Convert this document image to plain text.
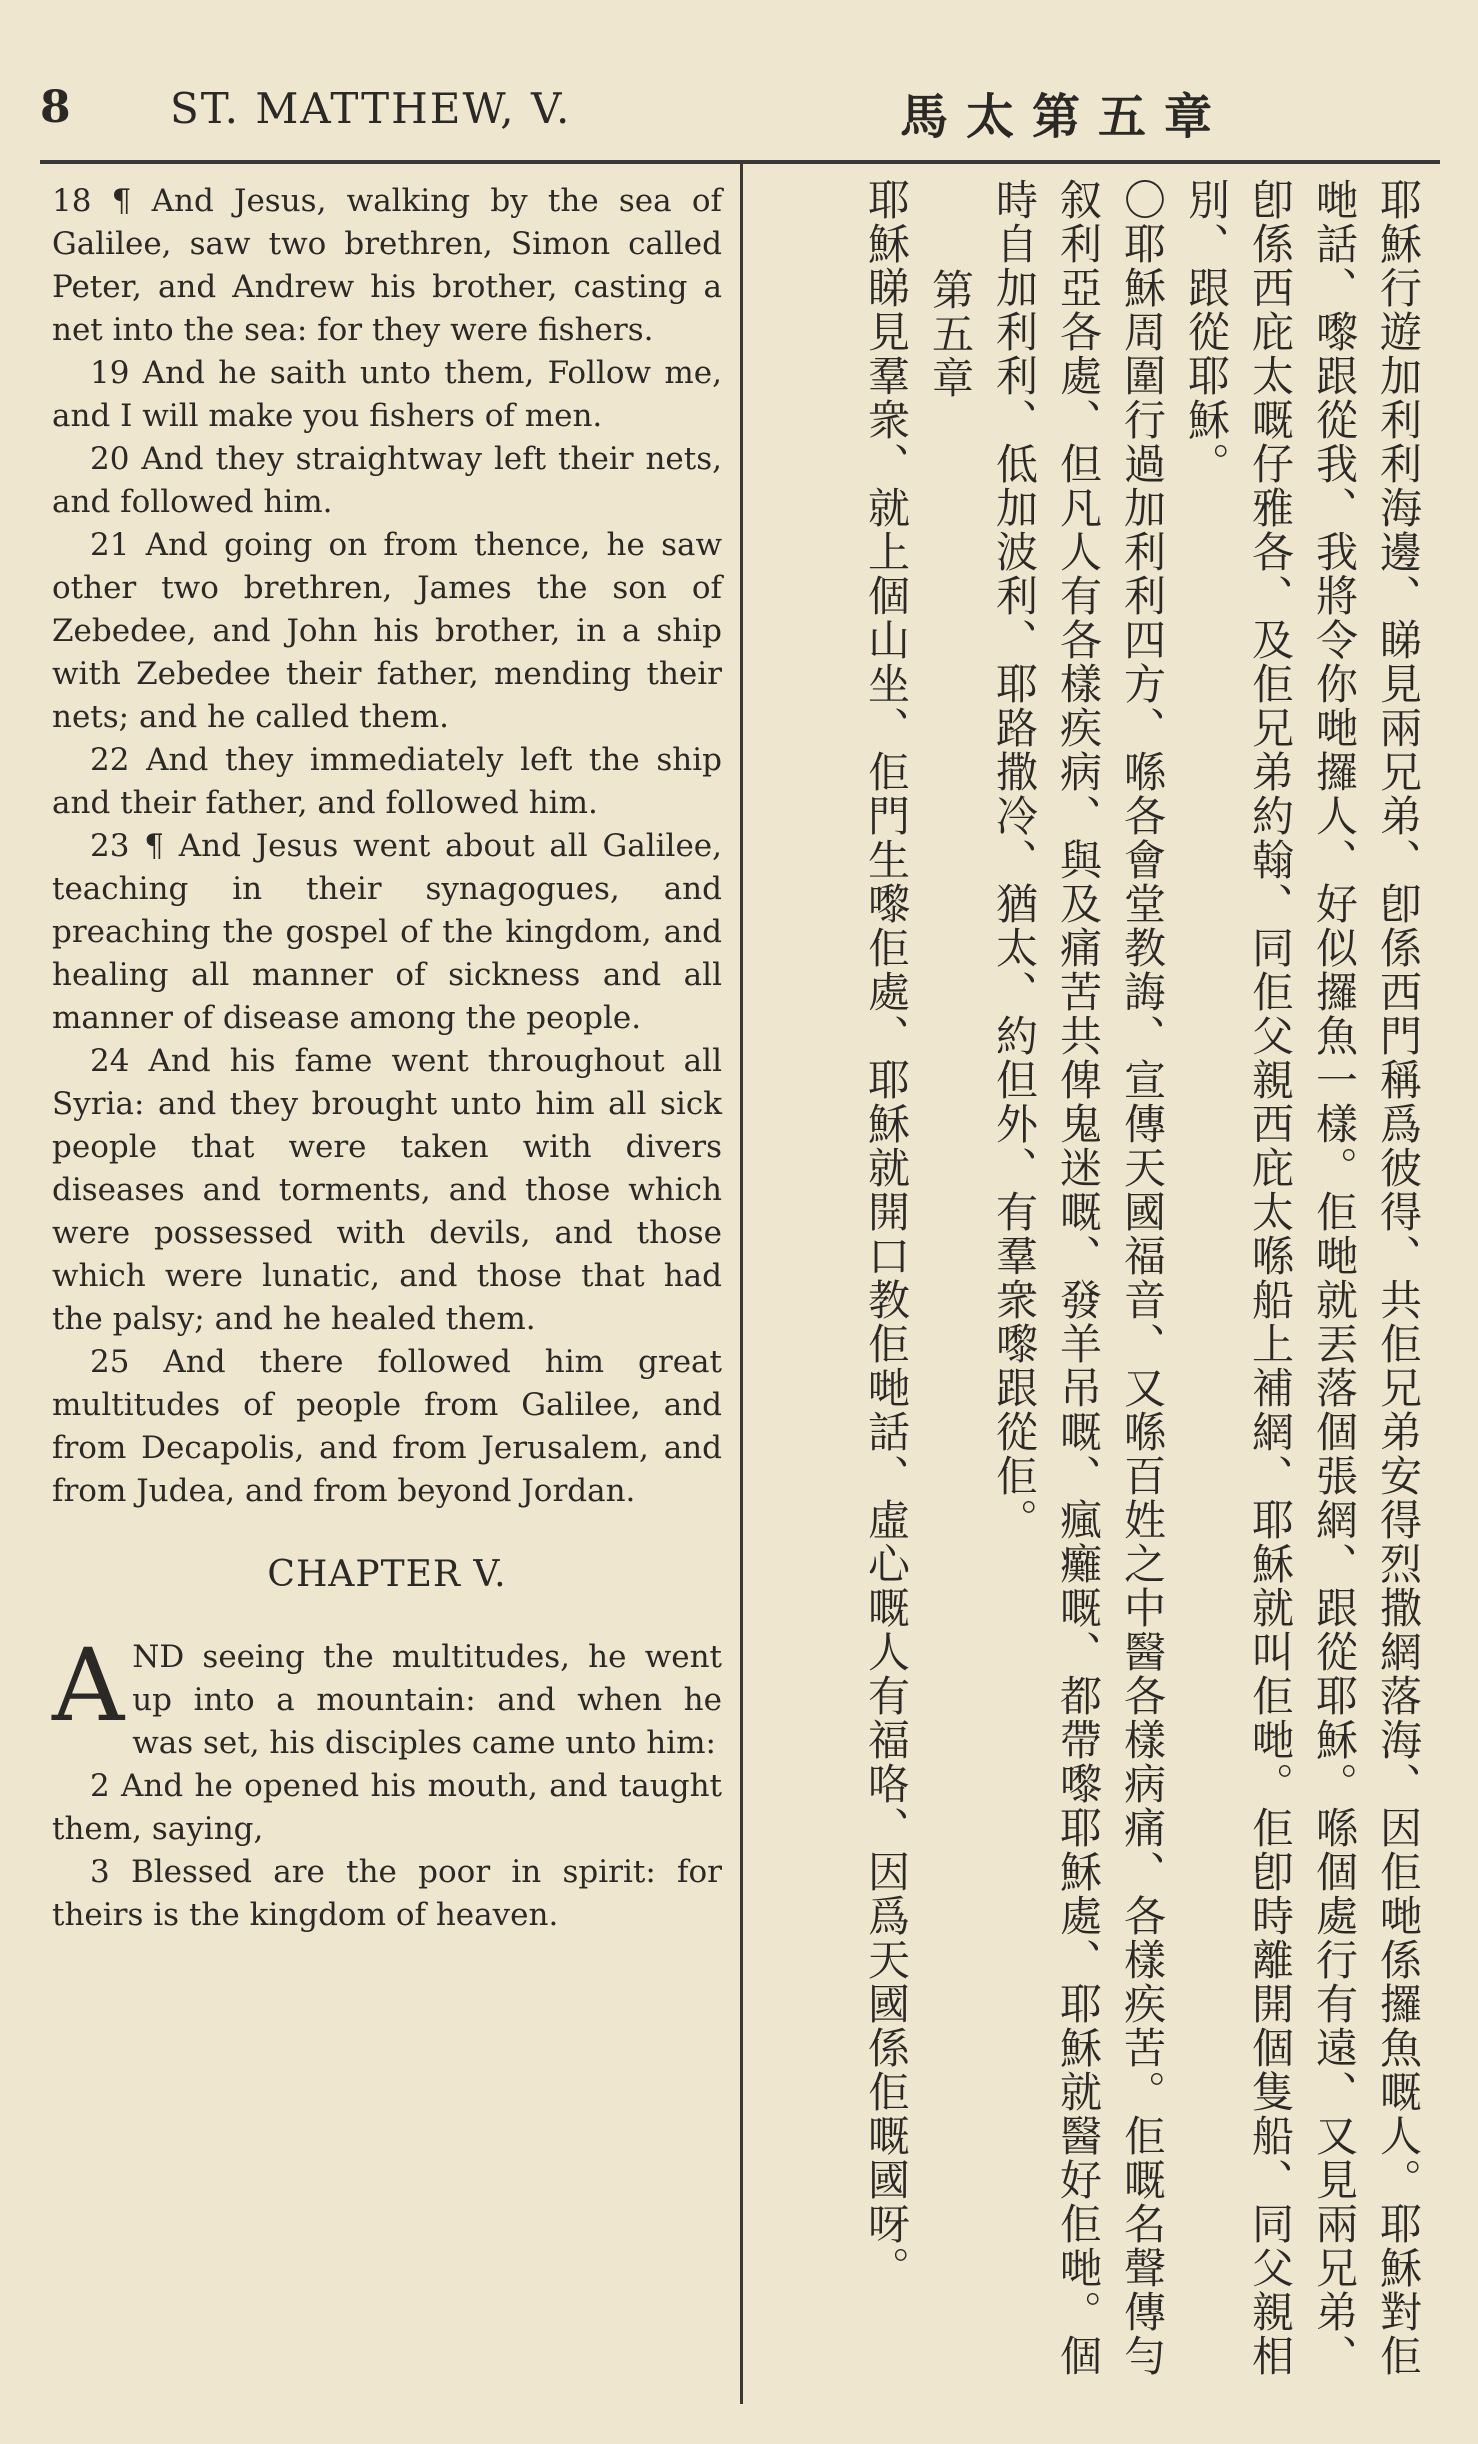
8 ST. MATTHEW, V.	馬太第五章

18 ¶ And Jesus, walking by the sea of Galilee, saw two brethren, Simon called Peter, and Andrew his brother, casting a net into the sea: for they were fishers.

19 And he saith unto them, Follow me, and I will make you fishers of men.

20 And they straightway left their nets, and followed him.

21 And going on from thence, he saw other two brethren, James the son of Zebedee, and John his brother, in a ship with Zebedee their father, mending their nets; and he called them.

22 And they immediately left the ship and their father, and followed him.

23 ¶ And Jesus went about all Galilee, teaching in their synagogues, and preaching the gospel of the kingdom, and healing all manner of sickness and all manner of disease among the people.

24 And his fame went throughout all Syria: and they brought unto him all sick people that were taken with divers diseases and torments, and those which were possessed with devils, and those which were lunatic, and those that had the palsy; and he healed them.

25 And there followed him great multitudes of people from Galilee, and from Decapolis, and from Jerusalem, and from Judea, and from beyond Jordan.

CHAPTER V.

AND seeing the multitudes, he went up into a mountain: and when he was set, his disciples came unto him:

2 And he opened his mouth, and taught them, saying,

3 Blessed are the poor in spirit: for theirs is the kingdom of heaven.	耶穌行遊加利利海邊、睇見兩兄弟、卽係西門稱爲彼得、共佢兄弟安得烈撒網落海、因佢哋係攞魚嘅人。耶穌對佢哋話、嚟跟從我、我將令你哋攞人、好似攞魚一樣。佢哋就丟落個張網、跟從耶穌。喺個處行有遠、又見兩兄弟、卽係西庇太嘅仔雅各、及佢兄弟約翰、同佢父親西庇太喺船上補網、耶穌就叫佢哋。佢卽時離開個隻船、同父親相別、跟從耶穌。

〇耶穌周圍行過加利利四方、喺各會堂教誨、宣傳天國福音、又喺百姓之中醫各樣病痛、各樣疾苦。佢嘅名聲傳勻叙利亞各處、但凡人有各樣疾病、與及痛苦共俾鬼迷嘅、發羊吊嘅、瘋癱嘅、都帶嚟耶穌處、耶穌就醫好佢哋。個時自加利利、低加波利、耶路撒冷、猶太、約但外、有羣衆嚟跟從佢。

第五章

耶穌睇見羣衆、就上個山坐、佢門生嚟佢處、耶穌就開口教佢哋話、虛心嘅人有福咯、因爲天國係佢嘅國呀。
